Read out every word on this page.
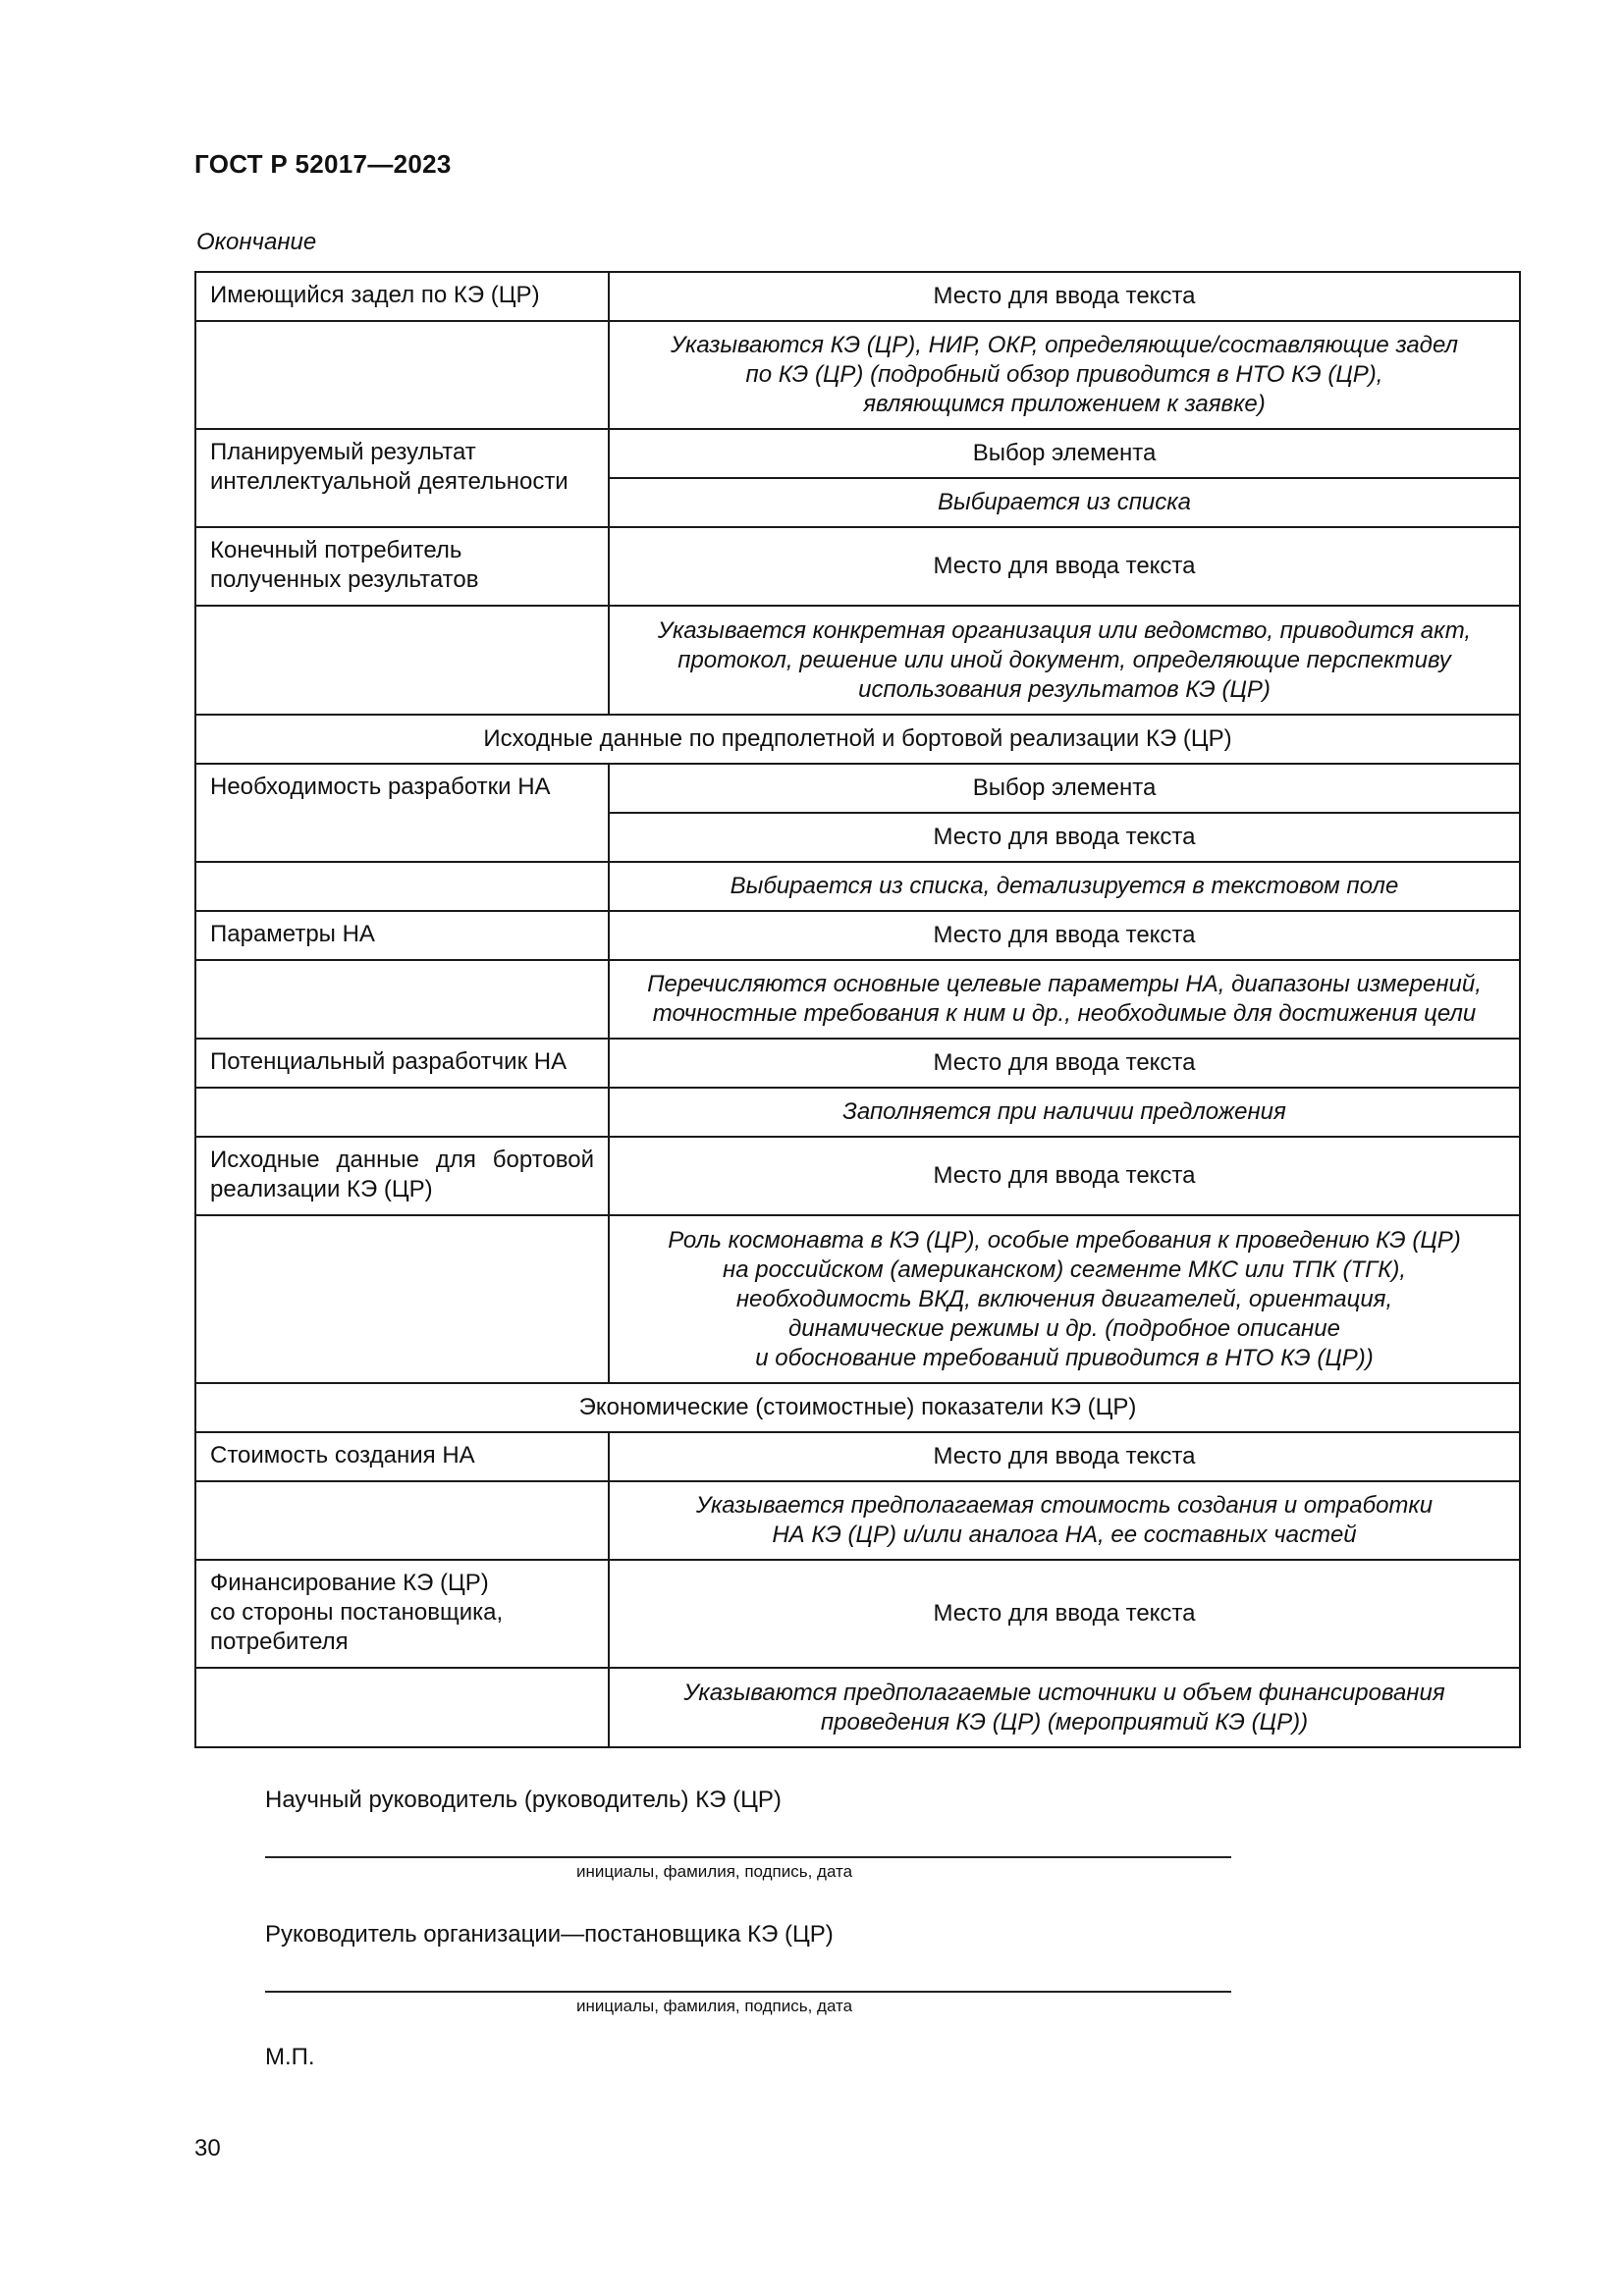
ГОСТ Р 52017—2023
Окончание
Имеющийся задел по КЭ (ЦР)	Место для ввода текста

	Указываются КЭ (ЦР), НИР, ОКР, определяющие/составляющие задел
по КЭ (ЦР) (подробный обзор приводится в НТО КЭ (ЦР),
являющимся приложением к заявке)

Планируемый результат
интеллектуальной деятельности	Выбор элемента
	Выбирается из списка

Конечный потребитель
полученных результатов	Место для ввода текста

	Указывается конкретная организация или ведомство, приводится акт,
протокол, решение или иной документ, определяющие перспективу
использования результатов КЭ (ЦР)

Исходные данные по предполетной и бортовой реализации КЭ (ЦР)	
Необходимость разработки НА	Выбор элемента
	Место для ввода текста
	Выбирается из списка, детализируется в текстовом поле
Параметры НА	Место для ввода текста

	Перечисляются основные целевые параметры НА, диапазоны измерений,
точностные требования к ним и др., необходимые для достижения цели

Потенциальный разработчик НА	Место для ввода текста
	Заполняется при наличии предложения

Исходные данные для бортовой
реализации КЭ (ЦР)	Место для ввода текста

	Роль космонавта в КЭ (ЦР), особые требования к проведению КЭ (ЦР)
на российском (американском) сегменте МКС или ТПК (ТГК),
необходимость ВКД, включения двигателей, ориентация,
динамические режимы и др. (подробное описание
и обоснование требований приводится в НТО КЭ (ЦР))

Экономические (стоимостные) показатели КЭ (ЦР)	
Стоимость создания НА	Место для ввода текста

	Указывается предполагаемая стоимость создания и отработки
НА КЭ (ЦР) и/или аналога НА, ее составных частей

Финансирование КЭ (ЦР)
со стороны постановщика,
потребителя	Место для ввода текста

	Указываются предполагаемые источники и объем финансирования
проведения КЭ (ЦР) (мероприятий КЭ (ЦР))
Научный руководитель (руководитель) КЭ (ЦР)
инициалы, фамилия, подпись, дата
Руководитель организации—постановщика КЭ (ЦР)
инициалы, фамилия, подпись, дата
М.П.
30
